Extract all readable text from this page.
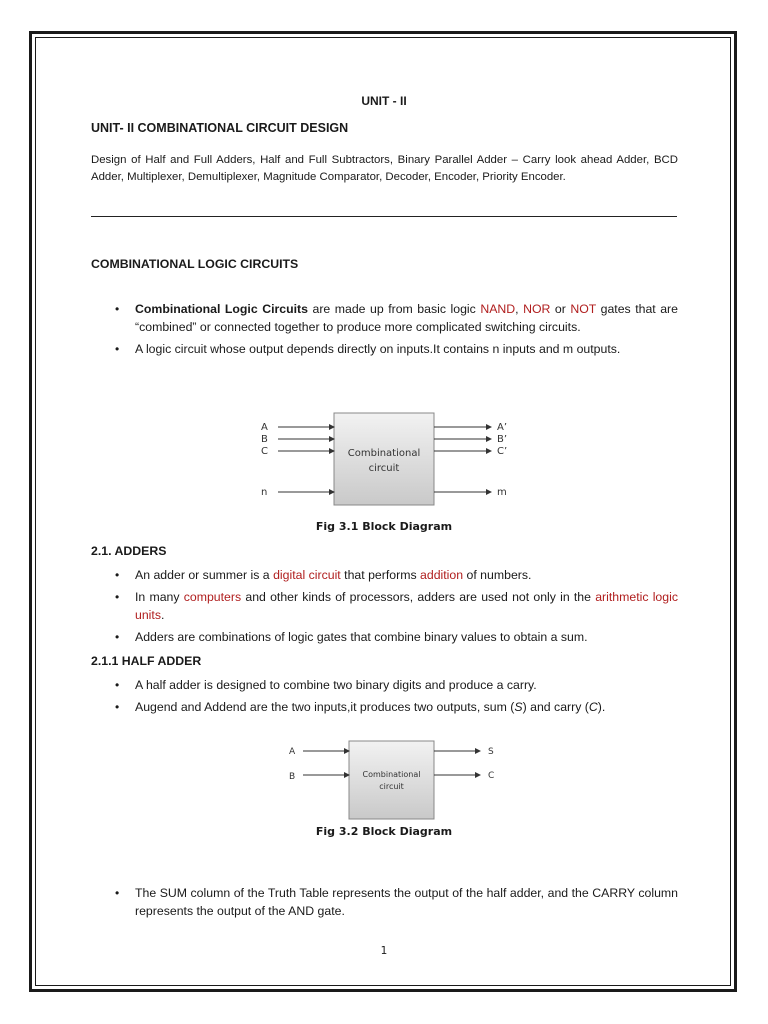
UNIT - II
UNIT- II COMBINATIONAL CIRCUIT DESIGN
Design of Half and Full Adders, Half and Full Subtractors, Binary Parallel Adder – Carry look ahead Adder, BCD Adder, Multiplexer, Demultiplexer, Magnitude Comparator, Decoder, Encoder, Priority Encoder.
COMBINATIONAL LOGIC CIRCUITS
• Combinational Logic Circuits are made up from basic logic NAND, NOR or NOT gates that are “combined” or connected together to produce more complicated switching circuits.
• A logic circuit whose output depends directly on inputs.It contains n inputs and m outputs.
Combinational
circuit
A
B
C
n
A’
B’
C’
m
Fig 3.1 Block Diagram
2.1. ADDERS
• An adder or summer is a digital circuit that performs addition of numbers.
• In many computers and other kinds of processors, adders are used not only in the arithmetic logic units.
• Adders are combinations of logic gates that combine binary values to obtain a sum.
2.1.1 HALF ADDER
• A half adder is designed to combine two binary digits and produce a carry.
• Augend and Addend are the two inputs,it produces two outputs, sum (S) and carry (C).
Combinational
circuit
A
B
S
C
Fig 3.2 Block Diagram
• The SUM column of the Truth Table represents the output of the half adder, and the CARRY column represents the output of the AND gate.
1
